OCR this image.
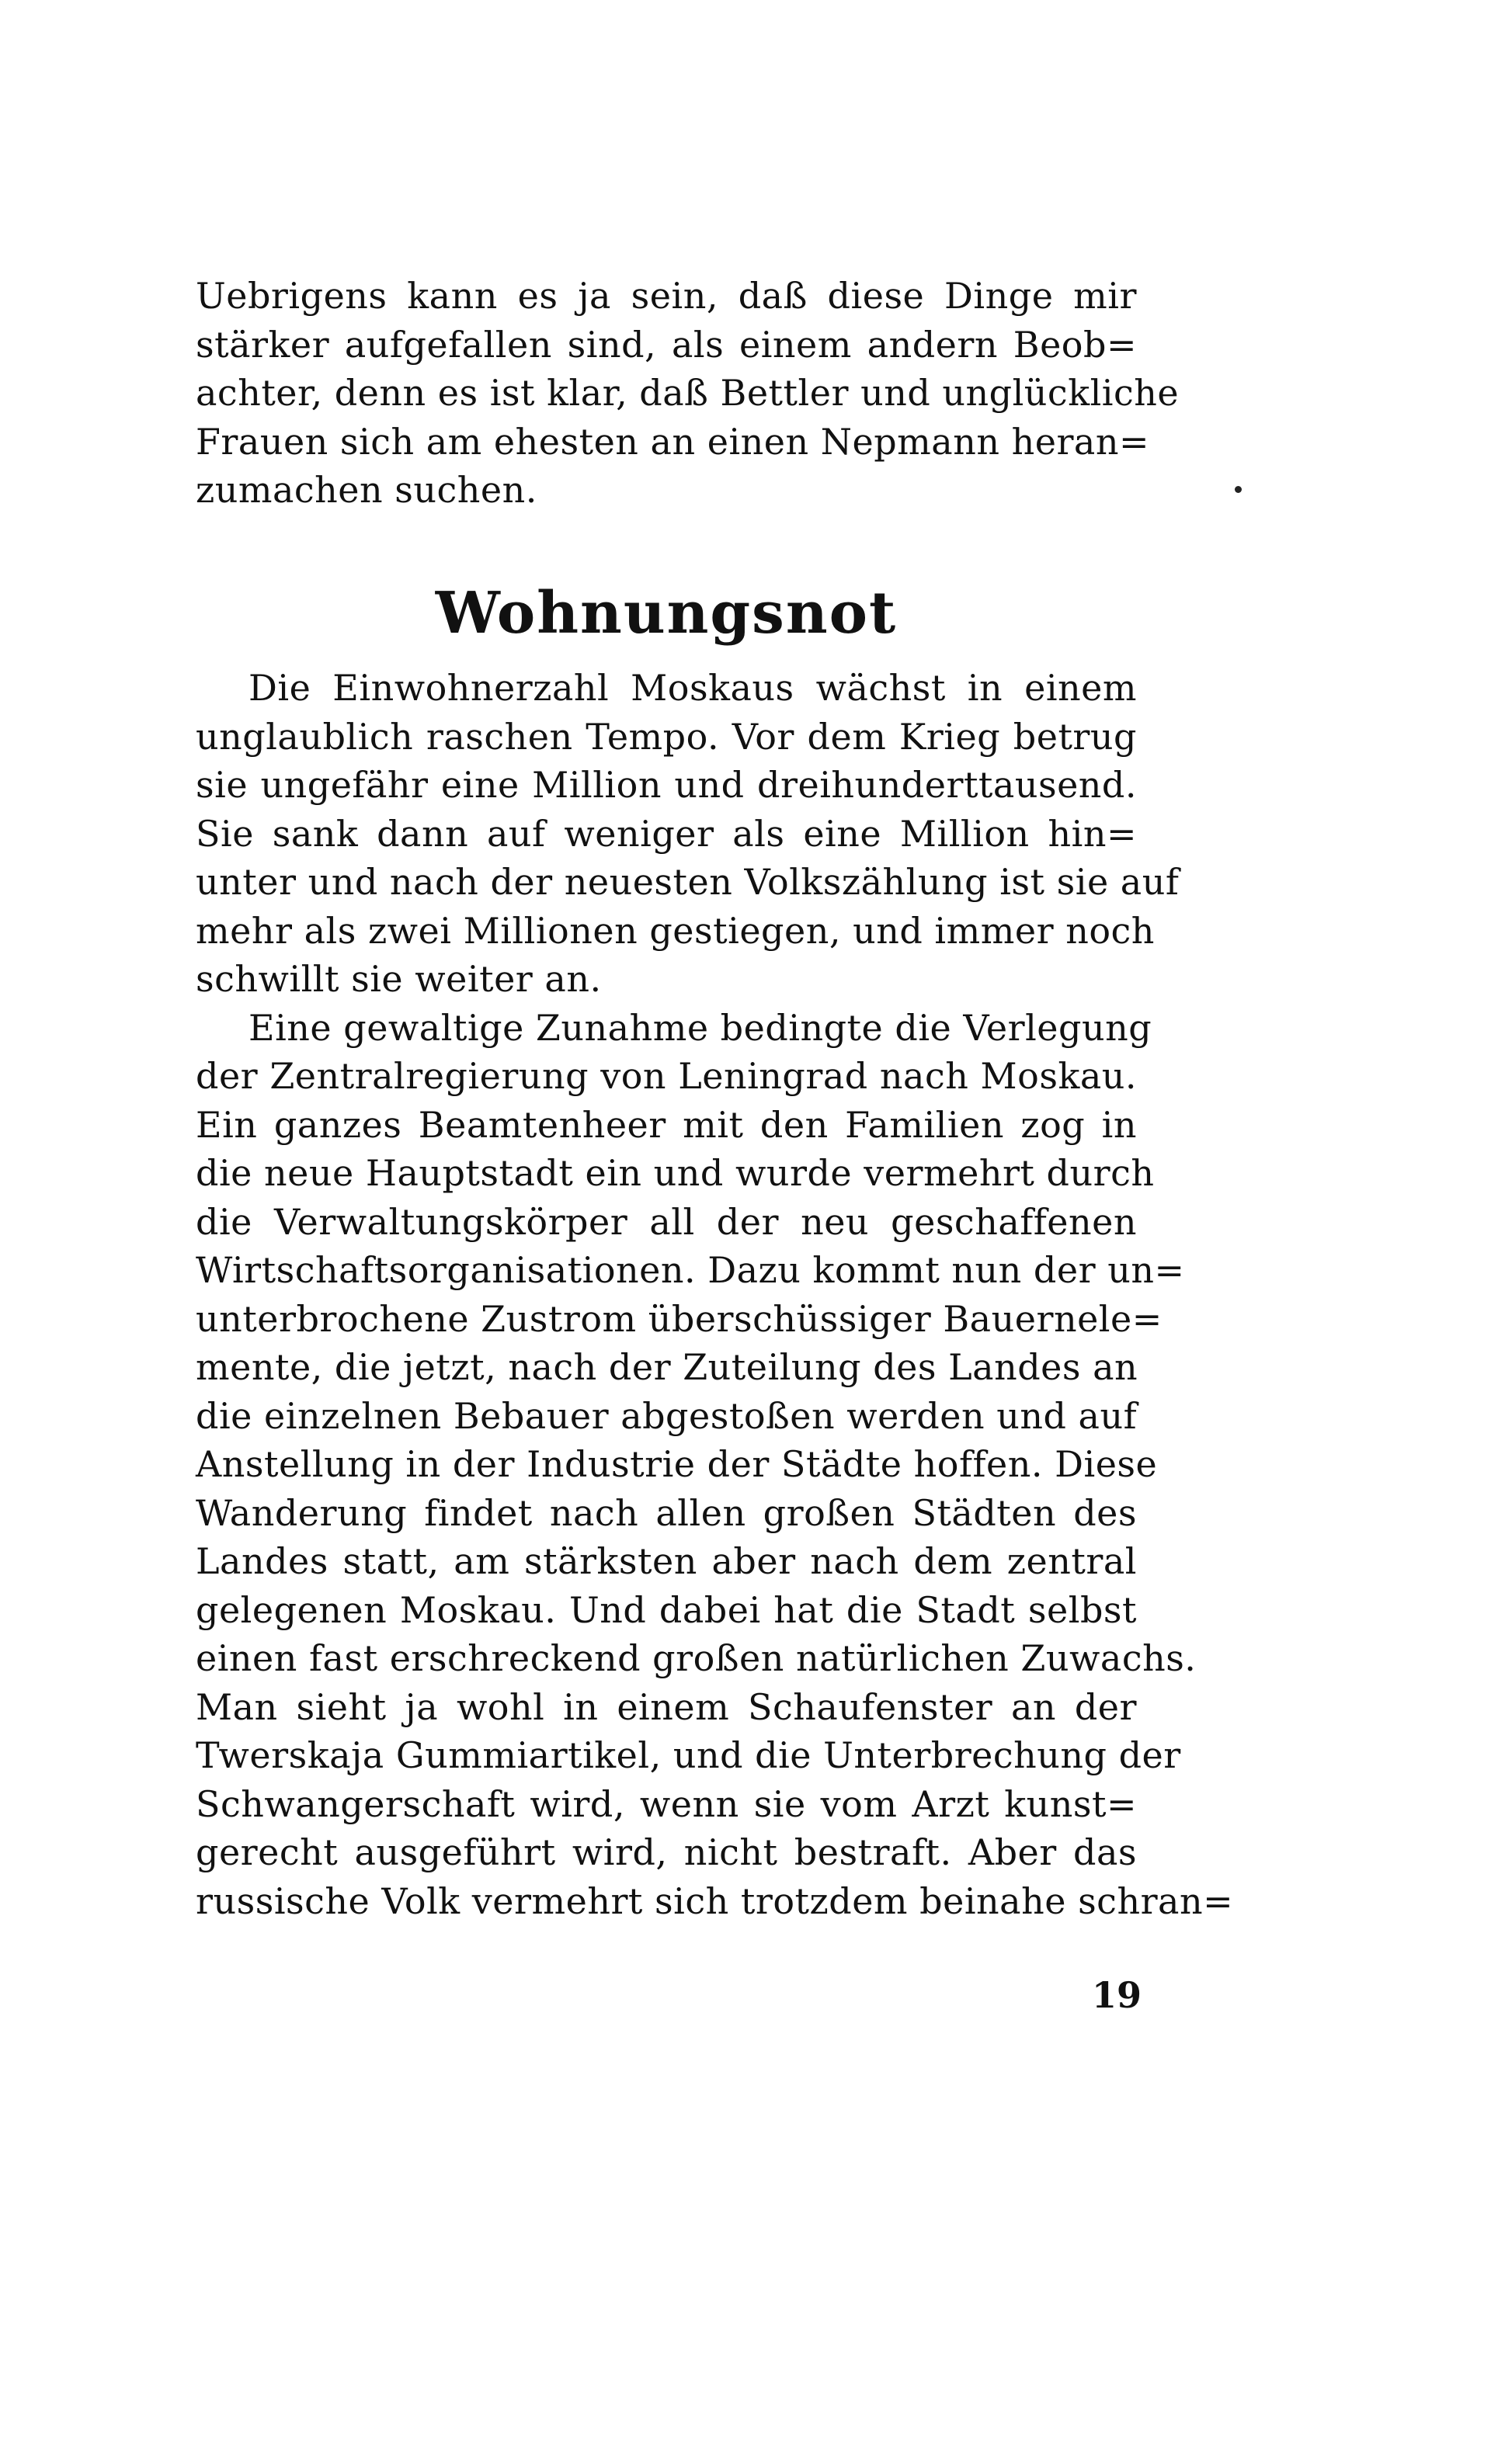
Uebrigens kann es ja sein, daß diese Dinge mir
stärker aufgefallen sind, als einem andern Beob=
achter, denn es ist klar, daß Bettler und unglückliche
Frauen sich am ehesten an einen Nepmann heran=
zumachen suchen.
Wohnungsnot
Die Einwohnerzahl Moskaus wächst in einem
unglaublich raschen Tempo. Vor dem Krieg betrug
sie ungefähr eine Million und dreihunderttausend.
Sie sank dann auf weniger als eine Million hin=
unter und nach der neuesten Volkszählung ist sie auf
mehr als zwei Millionen gestiegen, und immer noch
schwillt sie weiter an.
Eine gewaltige Zunahme bedingte die Verlegung
der Zentralregierung von Leningrad nach Moskau.
Ein ganzes Beamtenheer mit den Familien zog in
die neue Hauptstadt ein und wurde vermehrt durch
die Verwaltungskörper all der neu geschaffenen
Wirtschaftsorganisationen. Dazu kommt nun der un=
unterbrochene Zustrom überschüssiger Bauernele=
mente, die jetzt, nach der Zuteilung des Landes an
die einzelnen Bebauer abgestoßen werden und auf
Anstellung in der Industrie der Städte hoffen. Diese
Wanderung findet nach allen großen Städten des
Landes statt, am stärksten aber nach dem zentral
gelegenen Moskau. Und dabei hat die Stadt selbst
einen fast erschreckend großen natürlichen Zuwachs.
Man sieht ja wohl in einem Schaufenster an der
Twerskaja Gummiartikel, und die Unterbrechung der
Schwangerschaft wird, wenn sie vom Arzt kunst=
gerecht ausgeführt wird, nicht bestraft. Aber das
russische Volk vermehrt sich trotzdem beinahe schran=
19
